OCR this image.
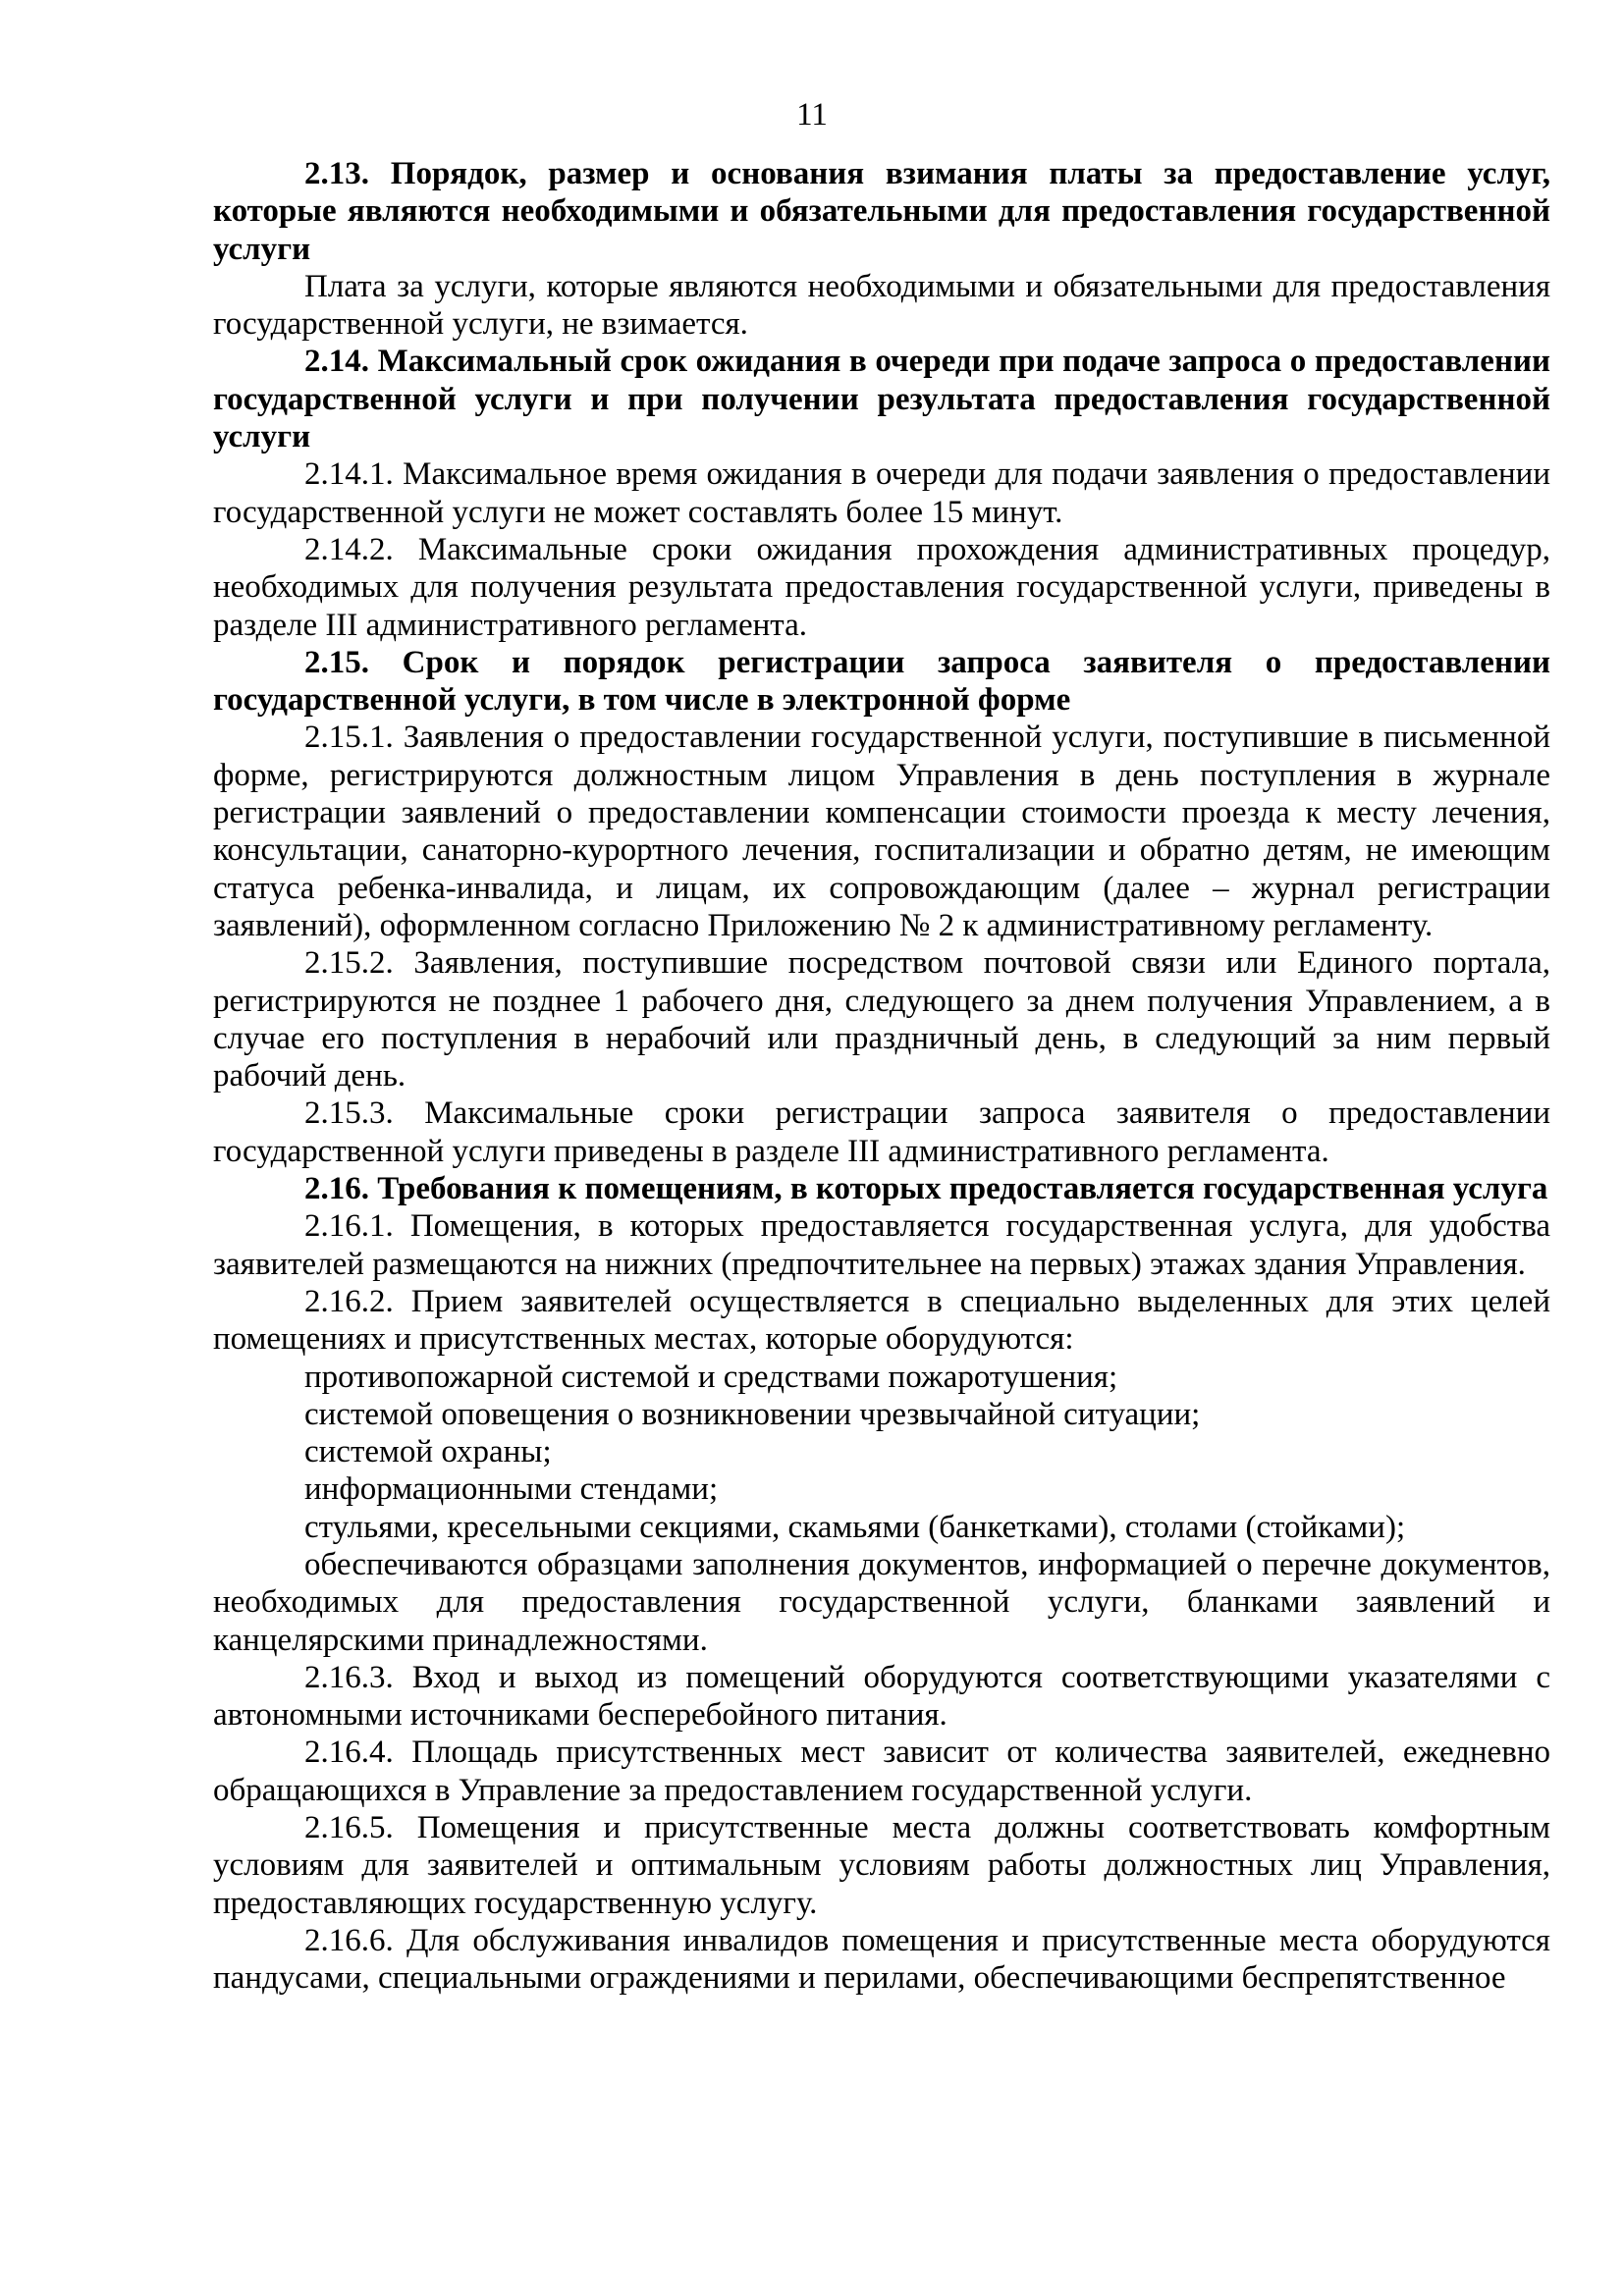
11

2.13. Порядок, размер и основания взимания платы за предоставление услуг, которые являются необходимыми и обязательными для предоставления государственной услуги

Плата за услуги, которые являются необходимыми и обязательными для предоставления государственной услуги, не взимается.

2.14. Максимальный срок ожидания в очереди при подаче запроса о предоставлении государственной услуги и при получении результата предоставления государственной услуги

2.14.1. Максимальное время ожидания в очереди для подачи заявления о предоставлении государственной услуги не может составлять более 15 минут.

2.14.2. Максимальные сроки ожидания прохождения административных процедур, необходимых для получения результата предоставления государственной услуги, приведены в разделе III административного регламента.

2.15. Срок и порядок регистрации запроса заявителя о предоставлении государственной услуги, в том числе в электронной форме

2.15.1. Заявления о предоставлении государственной услуги, поступившие в письменной форме, регистрируются должностным лицом Управления в день поступления в журнале регистрации заявлений о предоставлении компенсации стоимости проезда к месту лечения, консультации, санаторно-курортного лечения, госпитализации и обратно детям, не имеющим статуса ребенка-инвалида, и лицам, их сопровождающим (далее – журнал регистрации заявлений), оформленном согласно Приложению № 2 к административному регламенту.

2.15.2. Заявления, поступившие посредством почтовой связи или Единого портала, регистрируются не позднее 1 рабочего дня, следующего за днем получения Управлением, а в случае его поступления в нерабочий или праздничный день, в следующий за ним первый рабочий день.

2.15.3. Максимальные сроки регистрации запроса заявителя о предоставлении государственной услуги приведены в разделе III административного регламента.

2.16. Требования к помещениям, в которых предоставляется государственная услуга

2.16.1. Помещения, в которых предоставляется государственная услуга, для удобства заявителей размещаются на нижних (предпочтительнее на первых) этажах здания Управления.

2.16.2. Прием заявителей осуществляется в специально выделенных для этих целей помещениях и присутственных местах, которые оборудуются:

противопожарной системой и средствами пожаротушения;

системой оповещения о возникновении чрезвычайной ситуации;

системой охраны;

информационными стендами;

стульями, кресельными секциями, скамьями (банкетками), столами (стойками);

обеспечиваются образцами заполнения документов, информацией о перечне документов, необходимых для предоставления государственной услуги, бланками заявлений и канцелярскими принадлежностями.

2.16.3. Вход и выход из помещений оборудуются соответствующими указателями с автономными источниками бесперебойного питания.

2.16.4. Площадь присутственных мест зависит от количества заявителей, ежедневно обращающихся в Управление за предоставлением государственной услуги.

2.16.5. Помещения и присутственные места должны соответствовать комфортным условиям для заявителей и оптимальным условиям работы должностных лиц Управления, предоставляющих государственную услугу.

2.16.6. Для обслуживания инвалидов помещения и присутственные места оборудуются пандусами, специальными ограждениями и перилами, обеспечивающими беспрепятственное
